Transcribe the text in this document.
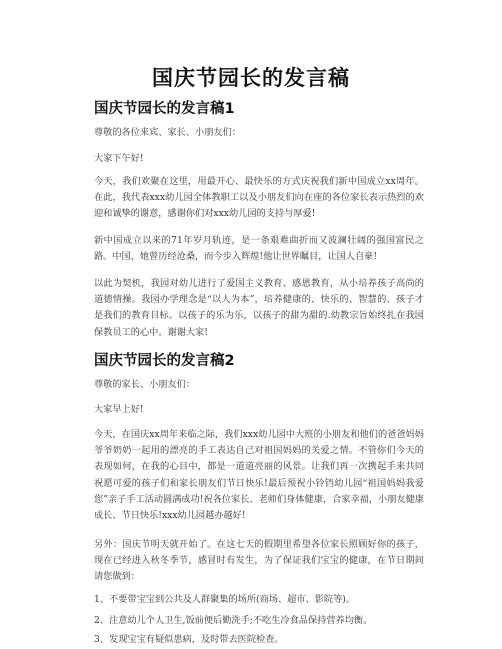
国庆节园长的发言稿
国庆节园长的发言稿1
尊敬的各位来宾、家长、小朋友们：
大家下午好!
今天，我们欢聚在这里，用最开心、最快乐的方式庆祝我们新中国成立xx周年。在此，我代表xxx幼儿园全体教职工以及小朋友们向在座的各位家长表示热烈的欢迎和诚挚的谢意，感谢你们对xxx幼儿园的支持与厚爱!
新中国成立以来的71年岁月轨迹，是一条艰难曲折而又波澜壮阔的强国富民之路。中国，她曾历经沧桑，而今步入辉煌!他让世界瞩目，让国人自豪!
以此为契机，我园对幼儿进行了爱国主义教育、感恩教育，从小培养孩子高尚的道德情操。我园办学理念是“以人为本”，培养健康的、快乐的、智慧的、孩子才是我们的教育目标。以孩子的乐为乐，以孩子的甜为甜的.幼教宗旨始终扎在我园保教员工的心中。谢谢大家!
国庆节园长的发言稿2
尊敬的家长、小朋友们：
大家早上好!
今天，在国庆xx周年来临之际，我们xxx幼儿园中大班的小朋友和他们的爸爸妈妈爷爷奶奶一起用的漂亮的手工表达自己对祖国妈妈的关爱之情。不管你们今天的表现如何，在我的心目中，都是一道道亮丽的风景。让我们再一次携起手来共同祝愿可爱的孩子们和家长朋友们节日快乐!最后预祝小铃铛幼儿园“祖国妈妈我爱您”亲子手工活动圆满成功!祝各位家长、老师们身体健康，合家幸福，小朋友健康成长、节日快乐!xxx幼儿园越办越好!
另外：国庆节明天就开始了。在这七天的假期里希望各位家长照顾好你的孩子，现在已经进入秋冬季节，感冒时有发生，为了保证我们宝宝的健康，在节日期间请您做到：
1、不要带宝宝到公共及人群聚集的场所(商场、超市、影院等)。
2、注意幼儿个人卫生,饭前便后勤洗手;不吃生冷食品保持营养均衡。
3、发现宝宝有疑似患病，及时带去医院检查。
